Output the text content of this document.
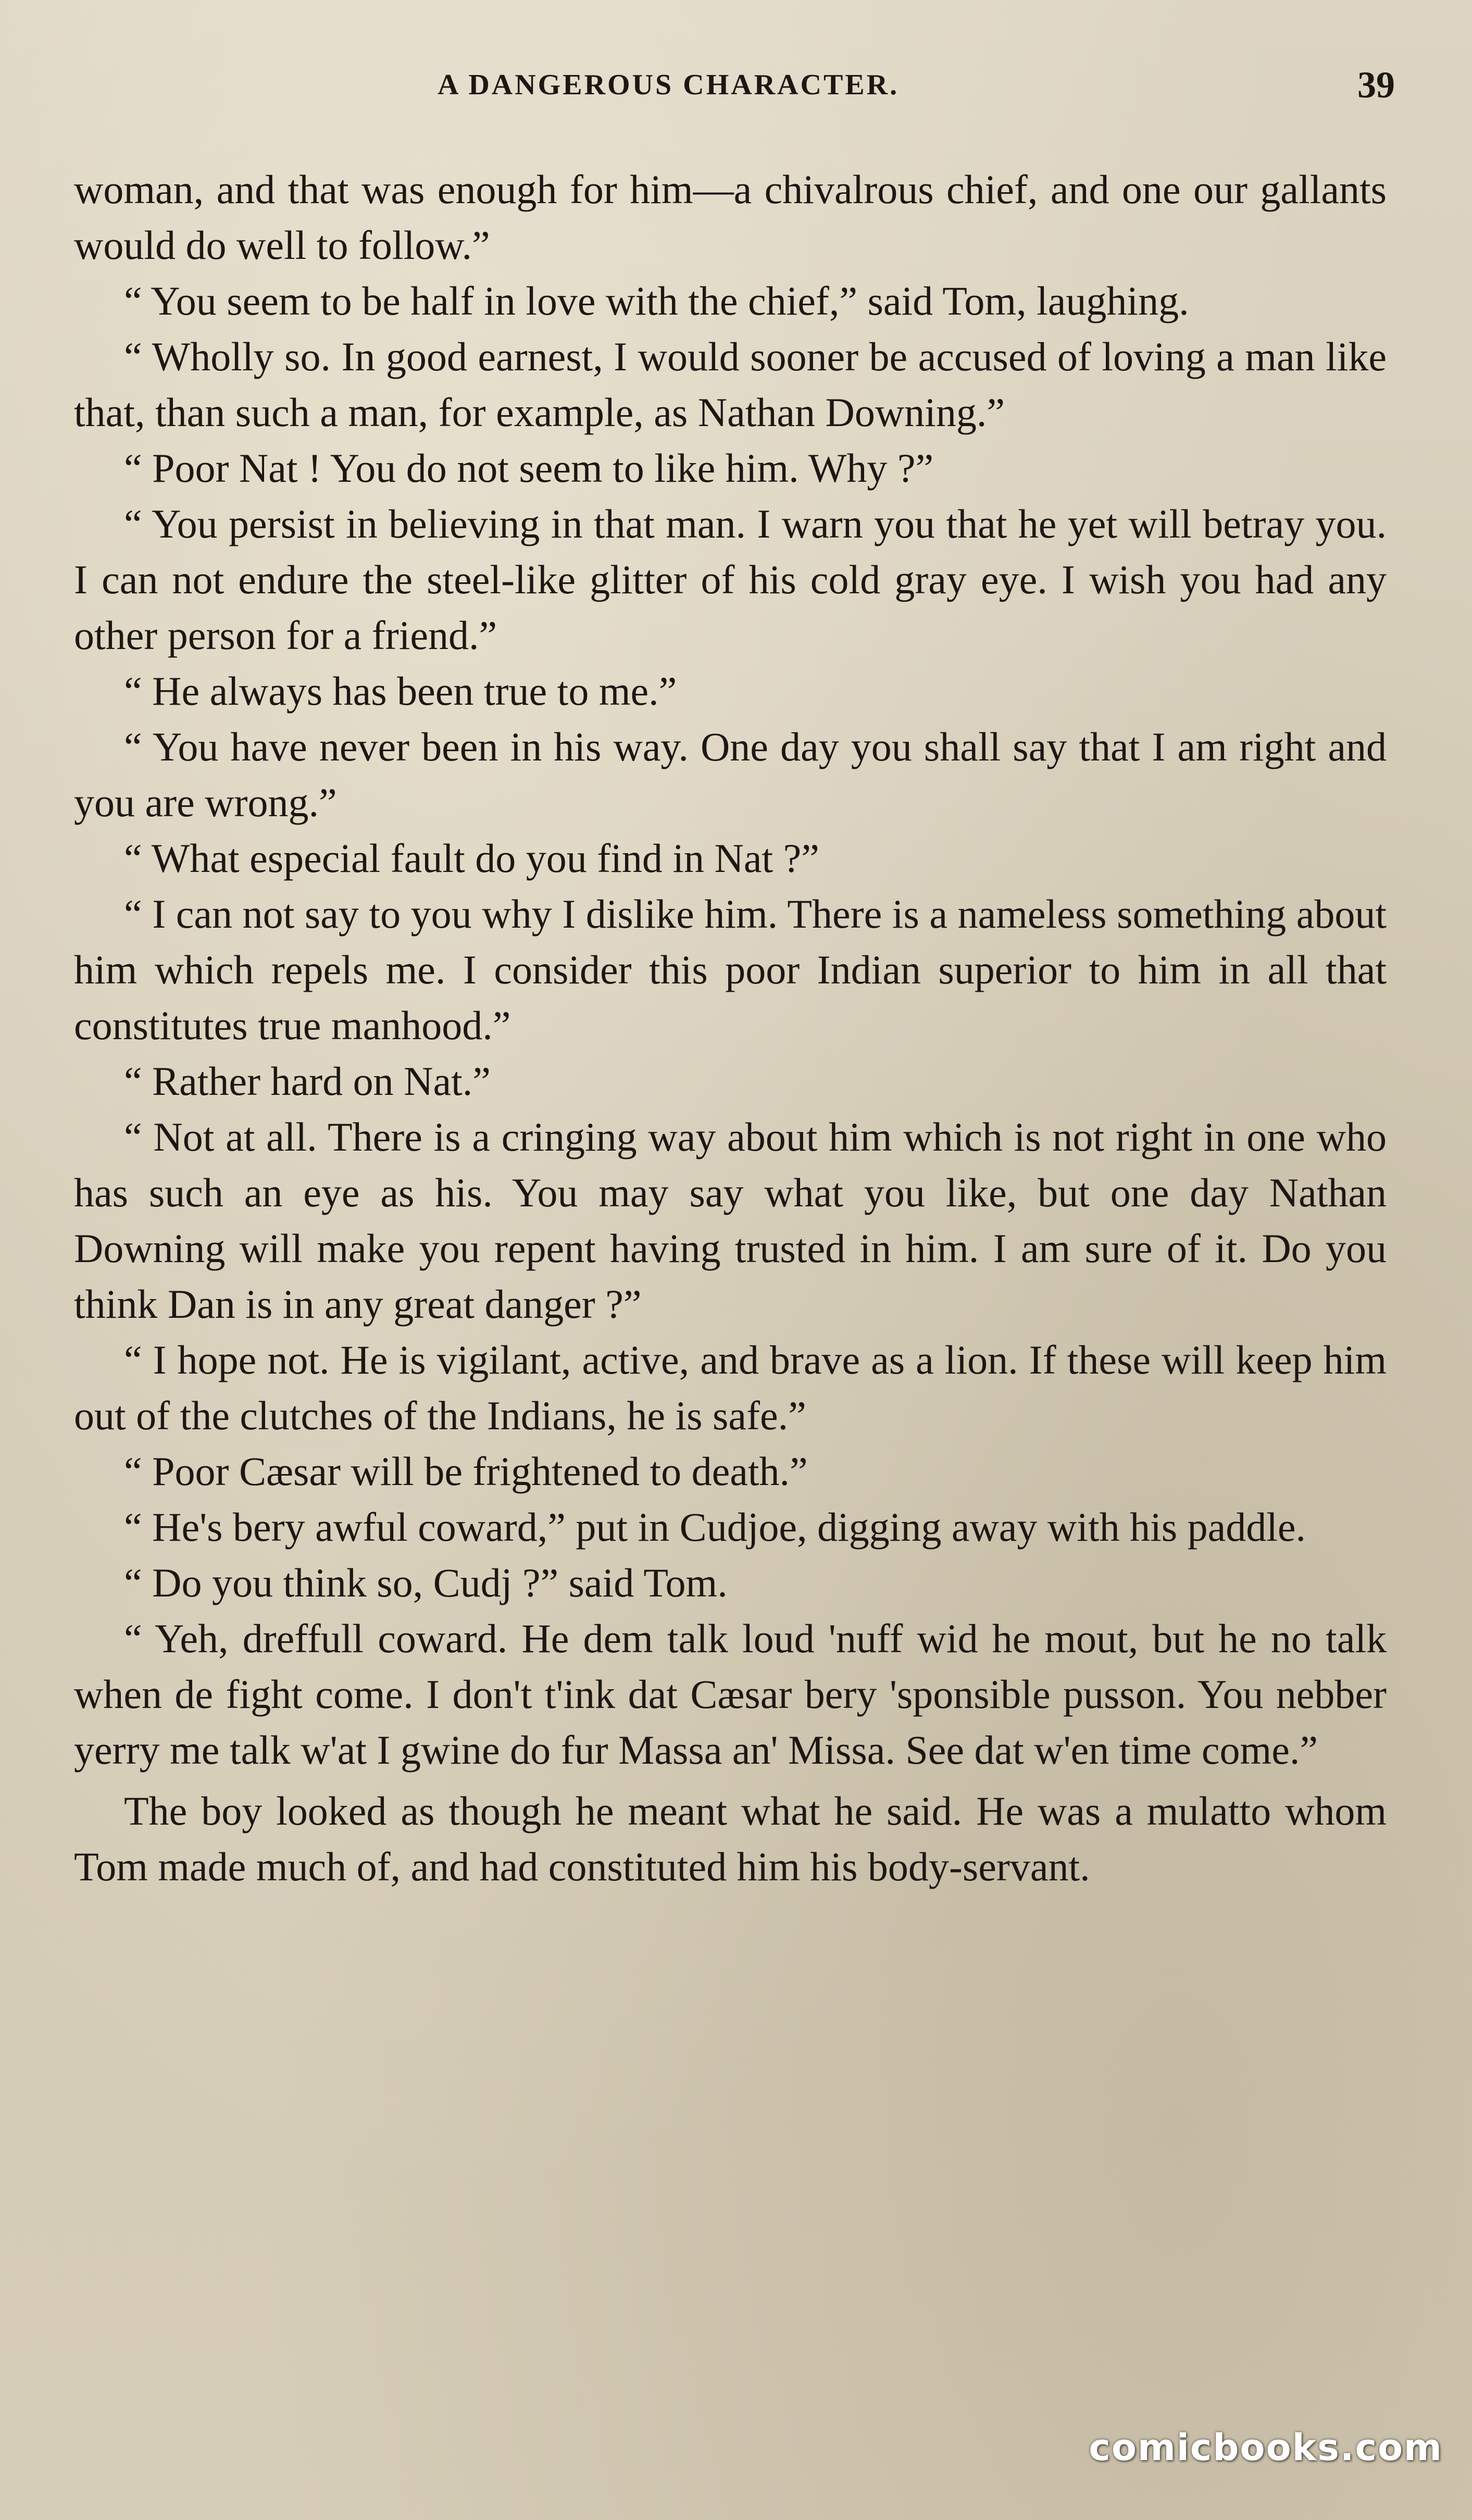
A DANGEROUS CHARACTER.	39

woman, and that was enough for him—a chivalrous chief, and one our gallants would do well to follow.”

“ You seem to be half in love with the chief,” said Tom, laughing.

“ Wholly so. In good earnest, I would sooner be accused of loving a man like that, than such a man, for example, as Nathan Downing.”

“ Poor Nat ! You do not seem to like him. Why ?”

“ You persist in believing in that man. I warn you that he yet will betray you. I can not endure the steel-like glitter of his cold gray eye. I wish you had any other person for a friend.”

“ He always has been true to me.”

“ You have never been in his way. One day you shall say that I am right and you are wrong.”

“ What especial fault do you find in Nat ?”

“ I can not say to you why I dislike him. There is a nameless something about him which repels me. I consider this poor Indian superior to him in all that constitutes true manhood.”

“ Rather hard on Nat.”

“ Not at all. There is a cringing way about him which is not right in one who has such an eye as his. You may say what you like, but one day Nathan Downing will make you repent having trusted in him. I am sure of it. Do you think Dan is in any great danger ?”

“ I hope not. He is vigilant, active, and brave as a lion. If these will keep him out of the clutches of the Indians, he is safe.”

“ Poor Cæsar will be frightened to death.”

“ He's bery awful coward,” put in Cudjoe, digging away with his paddle.

“ Do you think so, Cudj ?” said Tom.

“ Yeh, dreffull coward. He dem talk loud 'nuff wid he mout, but he no talk when de fight come. I don't t'ink dat Cæsar bery 'sponsible pusson. You nebber yerry me talk w'at I gwine do fur Massa an' Missa. See dat w'en time come.”

The boy looked as though he meant what he said. He was a mulatto whom Tom made much of, and had constituted him his body-servant.

comicbooks.com
